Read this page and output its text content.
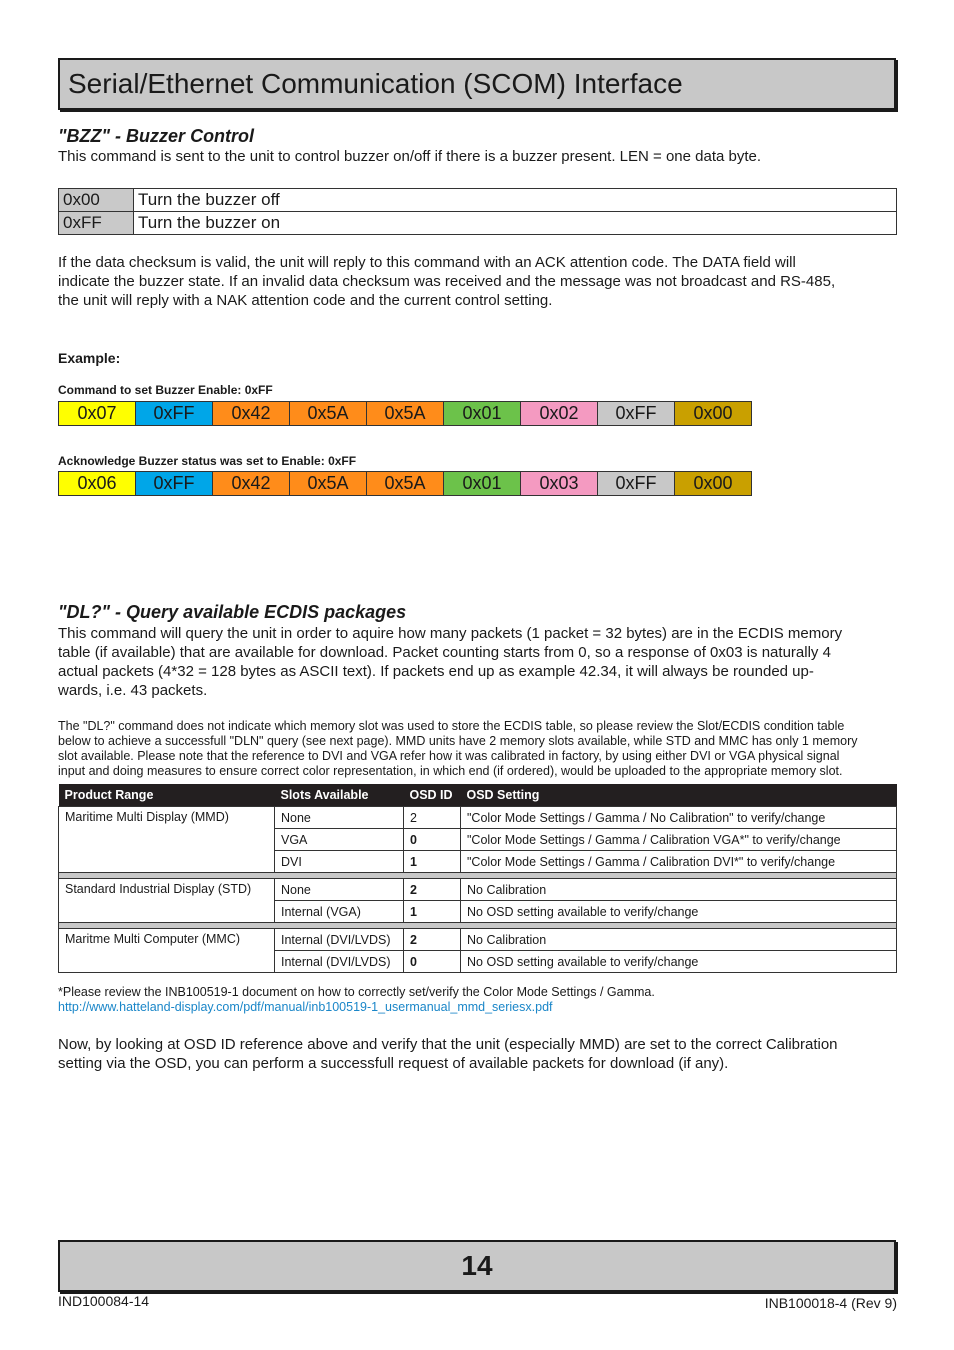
Serial/Ethernet Communication (SCOM) Interface
"BZZ" - Buzzer Control
This command is sent to the unit to control buzzer on/off if there is a buzzer present. LEN = one data byte.
0x00	Turn the buzzer off
0xFF	Turn the buzzer on
If the data checksum is valid, the unit will reply to this command with an ACK attention code. The DATA field will
indicate the buzzer state. If an invalid data checksum was received and the message was not broadcast and RS-485,
the unit will reply with a NAK attention code and the current control setting.
Example:
Command to set Buzzer Enable: 0xFF
0x07	0xFF	0x42	0x5A	0x5A	0x01	0x02	0xFF	0x00
Acknowledge Buzzer status was set to Enable: 0xFF
0x06	0xFF	0x42	0x5A	0x5A	0x01	0x03	0xFF	0x00
"DL?" - Query available ECDIS packages
This command will query the unit in order to aquire how many packets (1 packet = 32 bytes) are in the ECDIS memory
table (if available) that are available for download. Packet counting starts from 0, so a response of 0x03 is naturally 4
actual packets (4*32 = 128 bytes as ASCII text). If packets end up as example 42.34, it will always be rounded up-
wards, i.e. 43 packets.
The "DL?" command does not indicate which memory slot was used to store the ECDIS table, so please review the Slot/ECDIS condition table
below to achieve a successfull "DLN" query (see next page). MMD units have 2 memory slots available, while STD and MMC has only 1 memory
slot available. Please note that the reference to DVI and VGA refer how it was calibrated in factory, by using either DVI or VGA physical signal
input and doing measures to ensure correct color representation, in which end (if ordered), would be uploaded to the appropriate memory slot.
Product Range	Slots Available	OSD ID	OSD Setting
Maritime Multi Display (MMD)	None	2	"Color Mode Settings / Gamma / No Calibration" to verify/change
	VGA	0	"Color Mode Settings / Gamma / Calibration VGA*" to verify/change
	DVI	1	"Color Mode Settings / Gamma / Calibration DVI*" to verify/change

Standard Industrial Display (STD)	None	2	No Calibration
	Internal (VGA)	1	No OSD setting available to verify/change

Maritme Multi Computer (MMC)	Internal (DVI/LVDS)	2	No Calibration
	Internal (DVI/LVDS)	0	No OSD setting available to verify/change
*Please review the INB100519-1 document on how to correctly set/verify the Color Mode Settings / Gamma.
http://www.hatteland-display.com/pdf/manual/inb100519-1_usermanual_mmd_seriesx.pdf
Now, by looking at OSD ID reference above and verify that the unit (especially MMD) are set to the correct Calibration
setting via the OSD, you can perform a successfull request of available packets for download (if any).
14
IND100084-14	INB100018-4 (Rev 9)
